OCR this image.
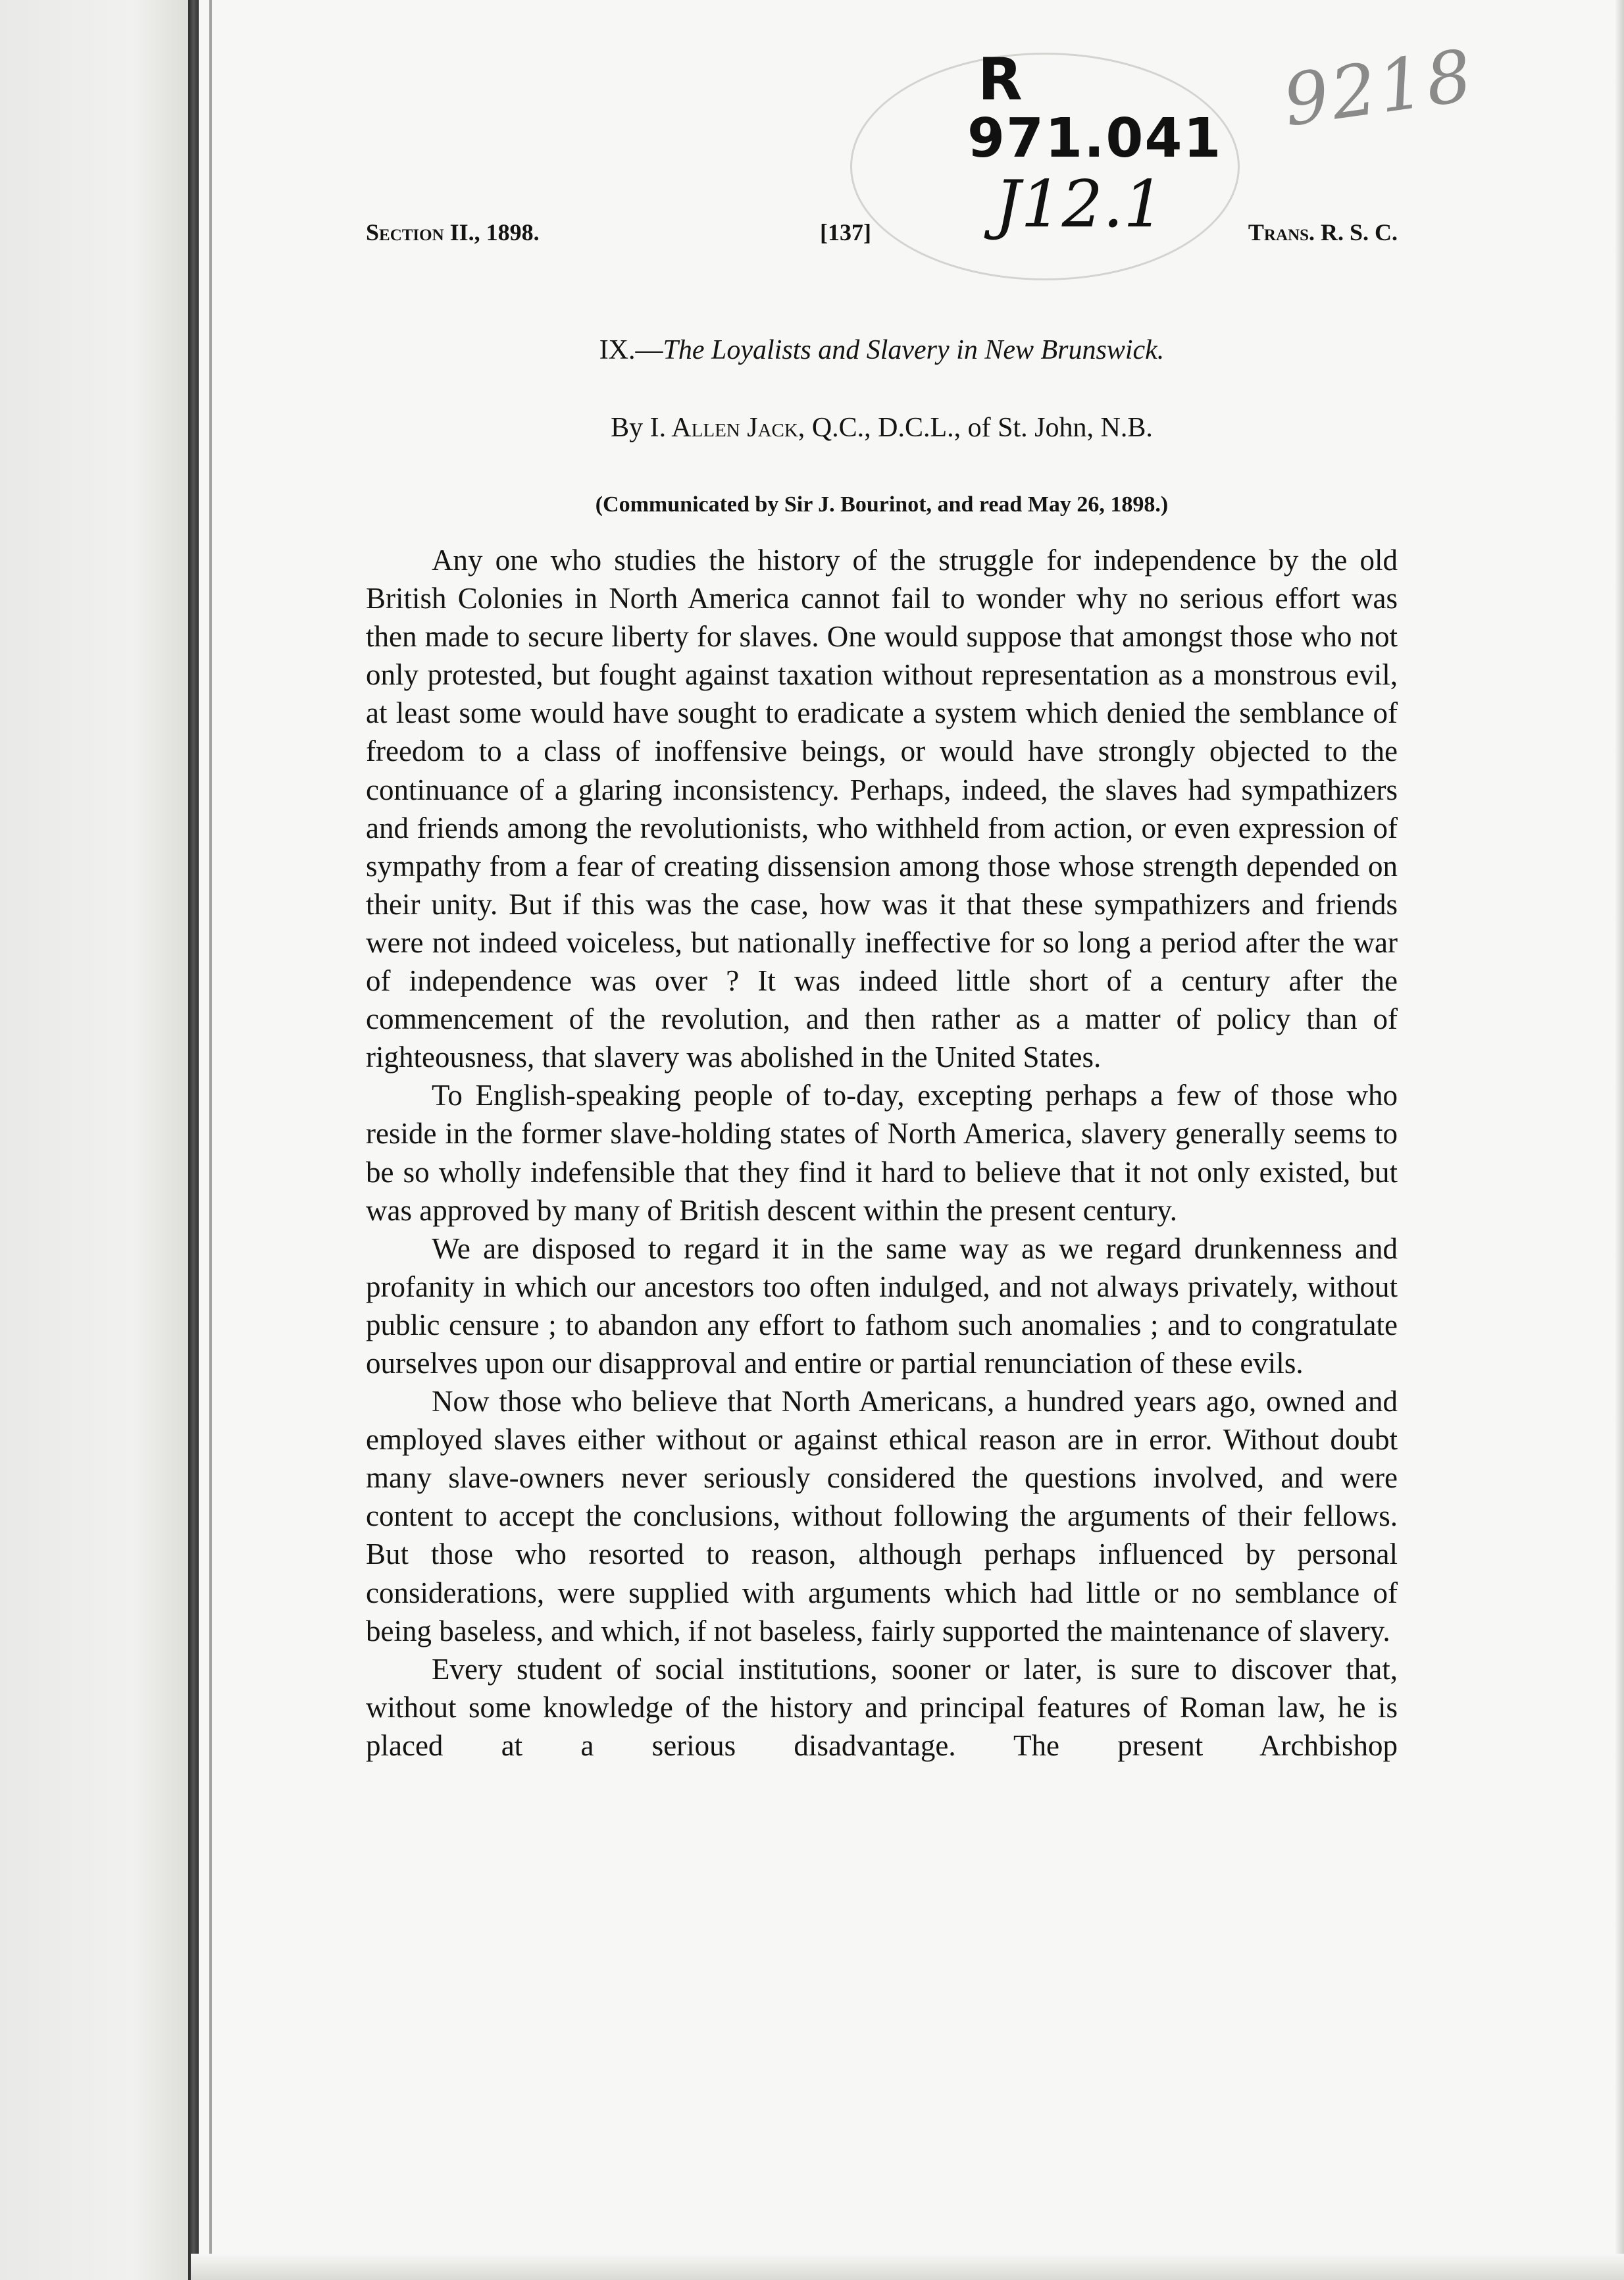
R
971.041
J12.1
9218
Section II., 1898.	[137]	Trans. R. S. C.
IX.—The Loyalists and Slavery in New Brunswick.
By I. Allen Jack, Q.C., D.C.L., of St. John, N.B.
(Communicated by Sir J. Bourinot, and read May 26, 1898.)

Any one who studies the history of the struggle for independence by the old British Colonies in North America cannot fail to wonder why no serious effort was then made to secure liberty for slaves. One would suppose that amongst those who not only protested, but fought against taxation without representation as a monstrous evil, at least some would have sought to eradicate a system which denied the semblance of freedom to a class of inoffensive beings, or would have strongly objected to the continuance of a glaring inconsistency. Perhaps, indeed, the slaves had sympathizers and friends among the revolutionists, who withheld from action, or even expression of sympathy from a fear of creating dissension among those whose strength depended on their unity. But if this was the case, how was it that these sympathizers and friends were not indeed voiceless, but nationally ineffective for so long a period after the war of independence was over ? It was indeed little short of a century after the commencement of the revolution, and then rather as a matter of policy than of righteousness, that slavery was abolished in the United States.

To English-speaking people of to-day, excepting perhaps a few of those who reside in the former slave-holding states of North America, slavery generally seems to be so wholly indefensible that they find it hard to believe that it not only existed, but was approved by many of British descent within the present century.

We are disposed to regard it in the same way as we regard drunkenness and profanity in which our ancestors too often indulged, and not always privately, without public censure ; to abandon any effort to fathom such anomalies ; and to congratulate ourselves upon our disapproval and entire or partial renunciation of these evils.

Now those who believe that North Americans, a hundred years ago, owned and employed slaves either without or against ethical reason are in error. Without doubt many slave-owners never seriously considered the questions involved, and were content to accept the conclusions, without following the arguments of their fellows. But those who resorted to reason, although perhaps influenced by personal considerations, were supplied with arguments which had little or no semblance of being baseless, and which, if not baseless, fairly supported the maintenance of slavery.

Every student of social institutions, sooner or later, is sure to discover that, without some knowledge of the history and principal features of Roman law, he is placed at a serious disadvantage. The present Archbishop
